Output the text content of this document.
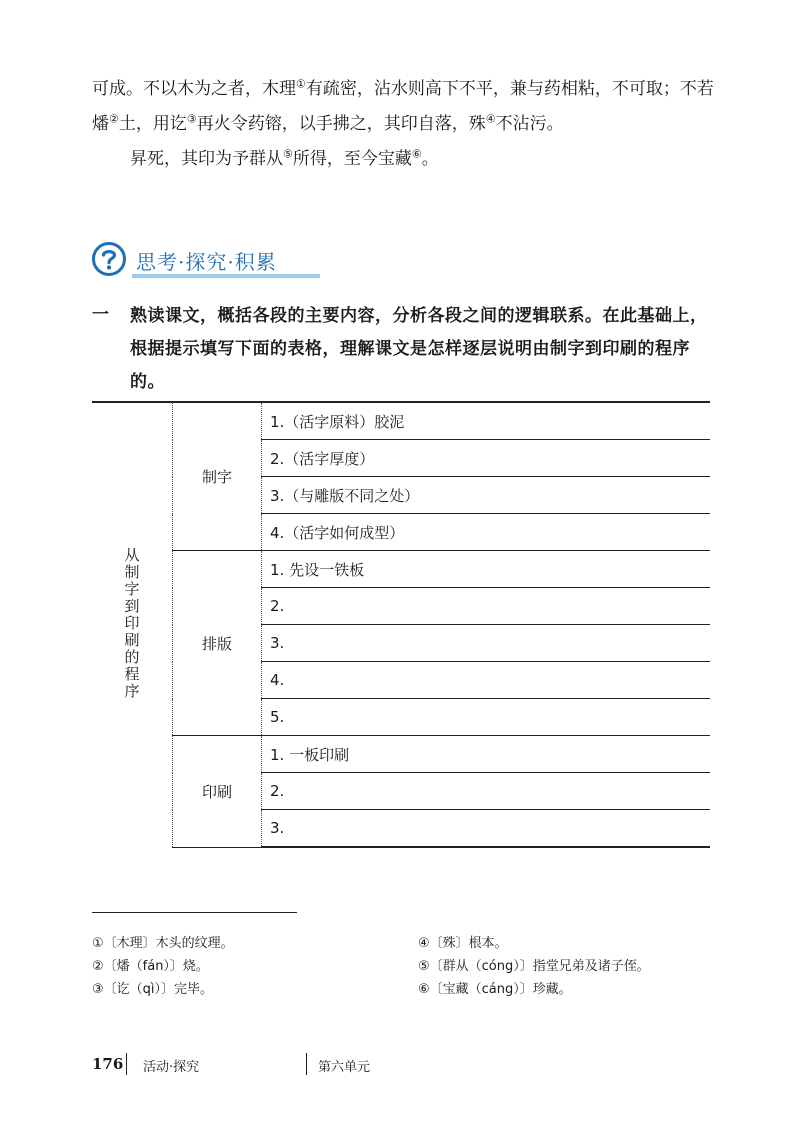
可成。不以木为之者，木理①有疏密，沾水则高下不平，兼与药相粘，不可取；不若燔②土，用讫③再火令药镕，以手拂之，其印自落，殊④不沾污。
昇死，其印为予群从⑤所得，至今宝藏⑥。
思考·探究·积累
一 熟读课文，概括各段的主要内容，分析各段之间的逻辑联系。在此基础上，根据提示填写下面的表格，理解课文是怎样逐层说明由制字到印刷的程序的。
从制字到印刷的程序	制字	1.（活字原料）胶泥
		2.（活字厚度）
		3.（与雕版不同之处）
		4.（活字如何成型）
	排版	1. 先设一铁板
		2.
		3.
		4.
		5.
	印刷	1. 一板印刷
		2.
		3.
①〔木理〕木头的纹理。
②〔燔（fán）〕烧。
③〔讫（qì）〕完毕。
④〔殊〕根本。
⑤〔群从（cóng）〕指堂兄弟及诸子侄。
⑥〔宝藏（cáng）〕珍藏。
176 活动·探究	第六单元
